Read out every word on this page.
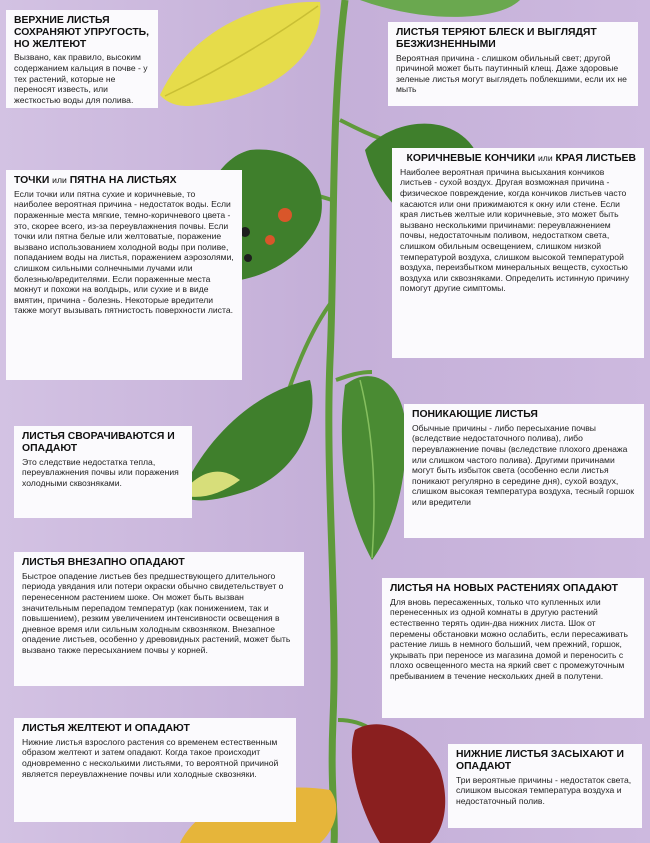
ВЕРХНИЕ ЛИСТЬЯ СОХРАНЯЮТ УПРУГОСТЬ, НО ЖЕЛТЕЮТ

Вызвано, как правило, высоким содержанием кальция в почве - у тех растений, которые не переносят известь, или жесткостью воды для полива.

ЛИСТЬЯ ТЕРЯЮТ БЛЕСК И ВЫГЛЯДЯТ БЕЗЖИЗНЕННЫМИ

Вероятная причина - слишком обильный свет; другой причиной может быть паутинный клещ. Даже здоровые зеленые листья могут выглядеть поблекшими, если их не мыть

ТОЧКИ или ПЯТНА НА ЛИСТЬЯХ

Если точки или пятна сухие и коричневые, то наиболее вероятная причина - недостаток воды. Если пораженные места мягкие, темно-коричневого цвета - это, скорее всего, из-за переувлажнения почвы. Если точки или пятна белые или желтоватые, поражение вызвано использованием холодной воды при поливе, попаданием воды на листья, поражением аэрозолями, слишком сильными солнечными лучами или болезнью/вредителями. Если пораженные места мокнут и похожи на волдырь, или сухие и в виде вмятин, причина - болезнь. Некоторые вредители также могут вызывать пятнистость поверхности листа.

КОРИЧНЕВЫЕ КОНЧИКИ или КРАЯ ЛИСТЬЕВ

Наиболее вероятная причина высыхания кончиков листьев - сухой воздух. Другая возможная причина - физическое повреждение, когда кончиков листьев часто касаются или они прижимаются к окну или стене. Если края листьев желтые или коричневые, это может быть вызвано несколькими причинами: переувлажнением почвы, недостаточным поливом, недостатком света, слишком обильным освещением, слишком низкой температурой воздуха, слишком высокой температурой воздуха, переизбытком минеральных веществ, сухостью воздуха или сквозняками. Определить истинную причину помогут другие симптомы.

ЛИСТЬЯ СВОРАЧИВАЮТСЯ И ОПАДАЮТ

Это следствие недостатка тепла, переувлажнения почвы или поражения холодными сквозняками.

ПОНИКАЮЩИЕ ЛИСТЬЯ

Обычные причины - либо пересыхание почвы (вследствие недостаточного полива), либо переувлажнение почвы (вследствие плохого дренажа или слишком частого полива). Другими причинами могут быть избыток света (особенно если листья поникают регулярно в середине дня), сухой воздух, слишком высокая температура воздуха, тесный горшок или вредители

ЛИСТЬЯ ВНЕЗАПНО ОПАДАЮТ

Быстрое опадение листьев без предшествующего длительного периода увядания или потери окраски обычно свидетельствует о перенесенном растением шоке. Он может быть вызван значительным перепадом температур (как понижением, так и повышением), резким увеличением интенсивности освещения в дневное время или сильным холодным сквозняком. Внезапное опадение листьев, особенно у древовидных растений, может быть вызвано также пересыханием почвы у корней.

ЛИСТЬЯ НА НОВЫХ РАСТЕНИЯХ ОПАДАЮТ

Для вновь пересаженных, только что купленных или перенесенных из одной комнаты в другую растений естественно терять один-два нижних листа. Шок от перемены обстановки можно ослабить, если пересаживать растение лишь в немного больший, чем прежний, горшок, укрывать при переносе из магазина домой и переносить с плохо освещенного места на яркий свет с промежуточным пребыванием в течение нескольких дней в полутени.

ЛИСТЬЯ ЖЕЛТЕЮТ И ОПАДАЮТ

Нижние листья взрослого растения со временем естественным образом желтеют и затем опадают. Когда такое происходит одновременно с несколькими листьями, то вероятной причиной является переувлажнение почвы или холодные сквозняки.

НИЖНИЕ ЛИСТЬЯ ЗАСЫХАЮТ И ОПАДАЮТ

Три вероятные причины - недостаток света, слишком высокая температура воздуха и недостаточный полив.
